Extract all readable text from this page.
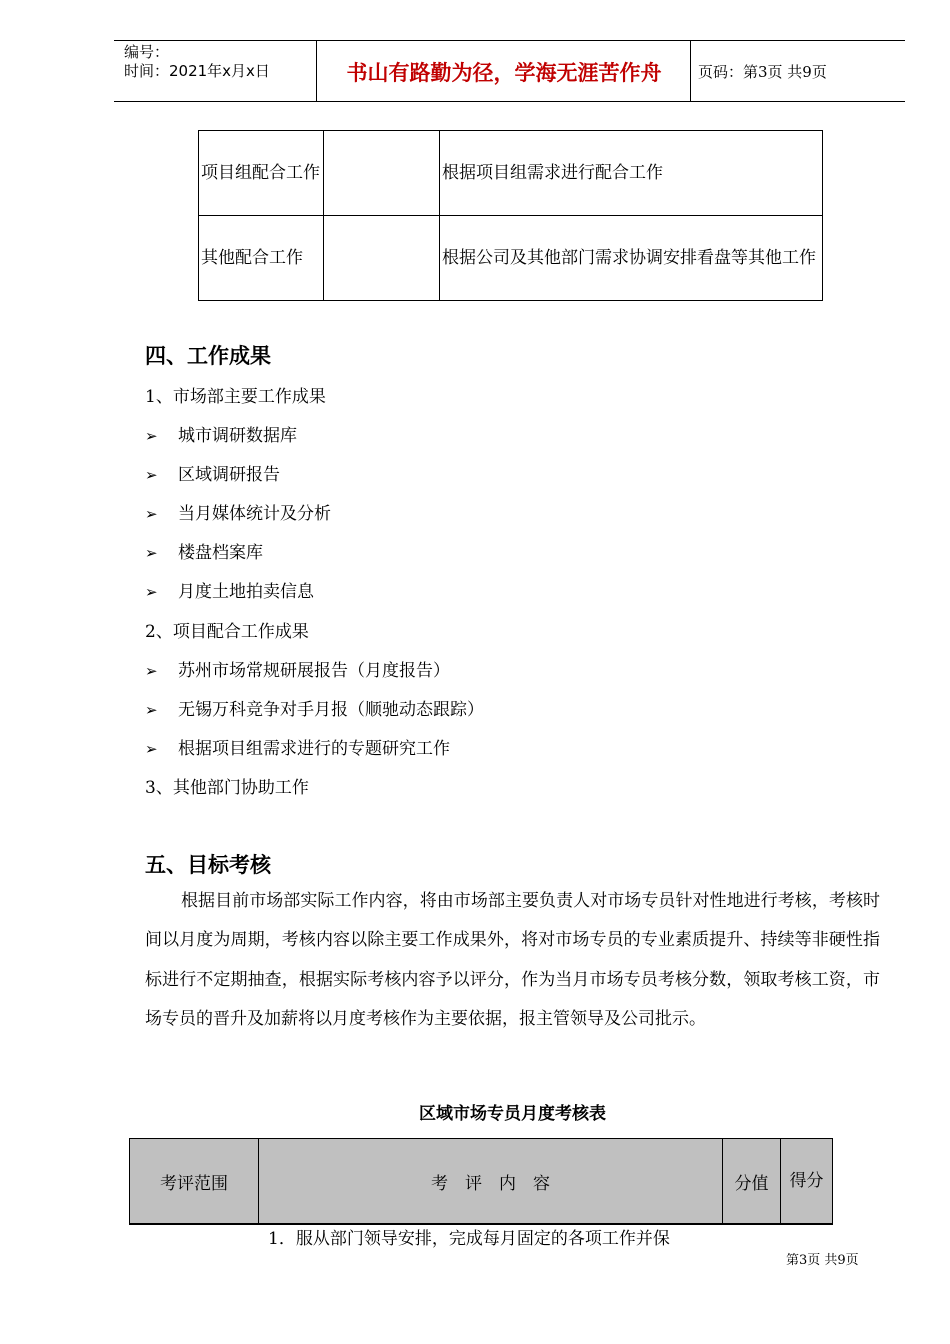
编号：
时间：2021年x月x日	书山有路勤为径，学海无涯苦作舟	页码：第3页 共9页
项目组配合工作		根据项目组需求进行配合工作
其他配合工作		根据公司及其他部门需求协调安排看盘等其他工作
四、工作成果
1、市场部主要工作成果
➢ 城市调研数据库
➢ 区域调研报告
➢ 当月媒体统计及分析
➢ 楼盘档案库
➢ 月度土地拍卖信息
2、项目配合工作成果
➢ 苏州市场常规研展报告（月度报告）
➢ 无锡万科竞争对手月报（顺驰动态跟踪）
➢ 根据项目组需求进行的专题研究工作
3、其他部门协助工作
五、目标考核
根据目前市场部实际工作内容，将由市场部主要负责人对市场专员针对性地进行考核，考核时间以月度为周期，考核内容以除主要工作成果外，将对市场专员的专业素质提升、持续等非硬性指标进行不定期抽查，根据实际考核内容予以评分，作为当月市场专员考核分数，领取考核工资，市场专员的晋升及加薪将以月度考核作为主要依据，报主管领导及公司批示。
区域市场专员月度考核表
考评范围	考　评　内　容	分值	得分

1．服从部门领导安排，完成每月固定的各项工作并保
第3页 共9页
